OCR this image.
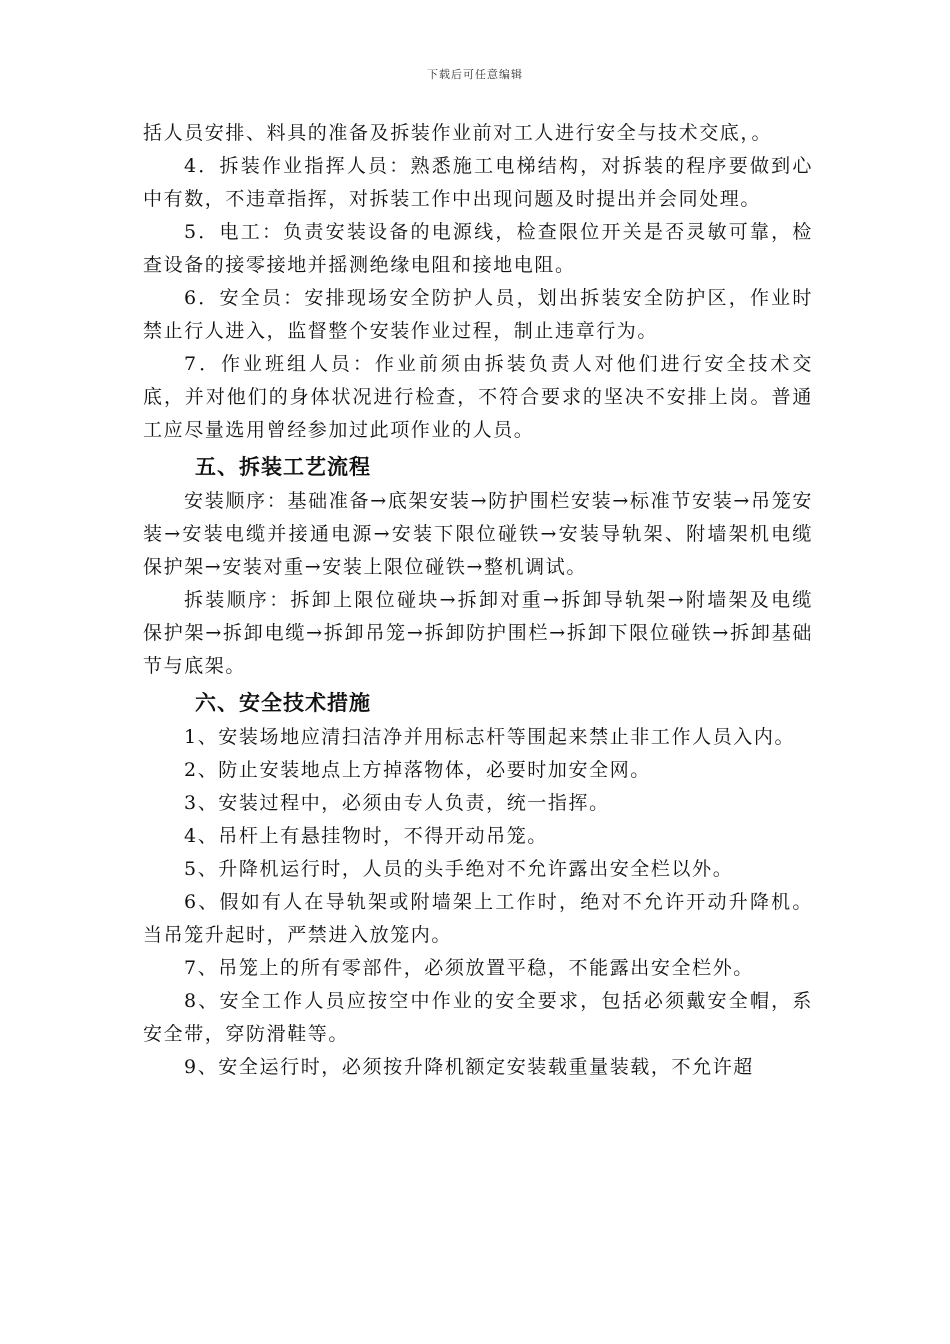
下载后可任意编辑

括人员安排、料具的准备及拆装作业前对工人进行安全与技术交底，。

4．拆装作业指挥人员：熟悉施工电梯结构，对拆装的程序要做到心中有数，不违章指挥，对拆装工作中出现问题及时提出并会同处理。

5．电工：负责安装设备的电源线，检查限位开关是否灵敏可靠，检查设备的接零接地并摇测绝缘电阻和接地电阻。

6．安全员：安排现场安全防护人员，划出拆装安全防护区，作业时禁止行人进入，监督整个安装作业过程，制止违章行为。

7．作业班组人员：作业前须由拆装负责人对他们进行安全技术交底，并对他们的身体状况进行检查，不符合要求的坚决不安排上岗。普通工应尽量选用曾经参加过此项作业的人员。

五、拆装工艺流程

安装顺序：基础准备→底架安装→防护围栏安装→标准节安装→吊笼安装→安装电缆并接通电源→安装下限位碰铁→安装导轨架、附墙架机电缆保护架→安装对重→安装上限位碰铁→整机调试。

拆装顺序：拆卸上限位碰块→拆卸对重→拆卸导轨架→附墙架及电缆保护架→拆卸电缆→拆卸吊笼→拆卸防护围栏→拆卸下限位碰铁→拆卸基础节与底架。

六、安全技术措施

1、安装场地应清扫洁净并用标志杆等围起来禁止非工作人员入内。

2、防止安装地点上方掉落物体，必要时加安全网。

3、安装过程中，必须由专人负责，统一指挥。

4、吊杆上有悬挂物时，不得开动吊笼。

5、升降机运行时，人员的头手绝对不允许露出安全栏以外。

6、假如有人在导轨架或附墙架上工作时，绝对不允许开动升降机。当吊笼升起时，严禁进入放笼内。

7、吊笼上的所有零部件，必须放置平稳，不能露出安全栏外。

8、安全工作人员应按空中作业的安全要求，包括必须戴安全帽，系安全带，穿防滑鞋等。

9、安全运行时，必须按升降机额定安装载重量装载，不允许超
